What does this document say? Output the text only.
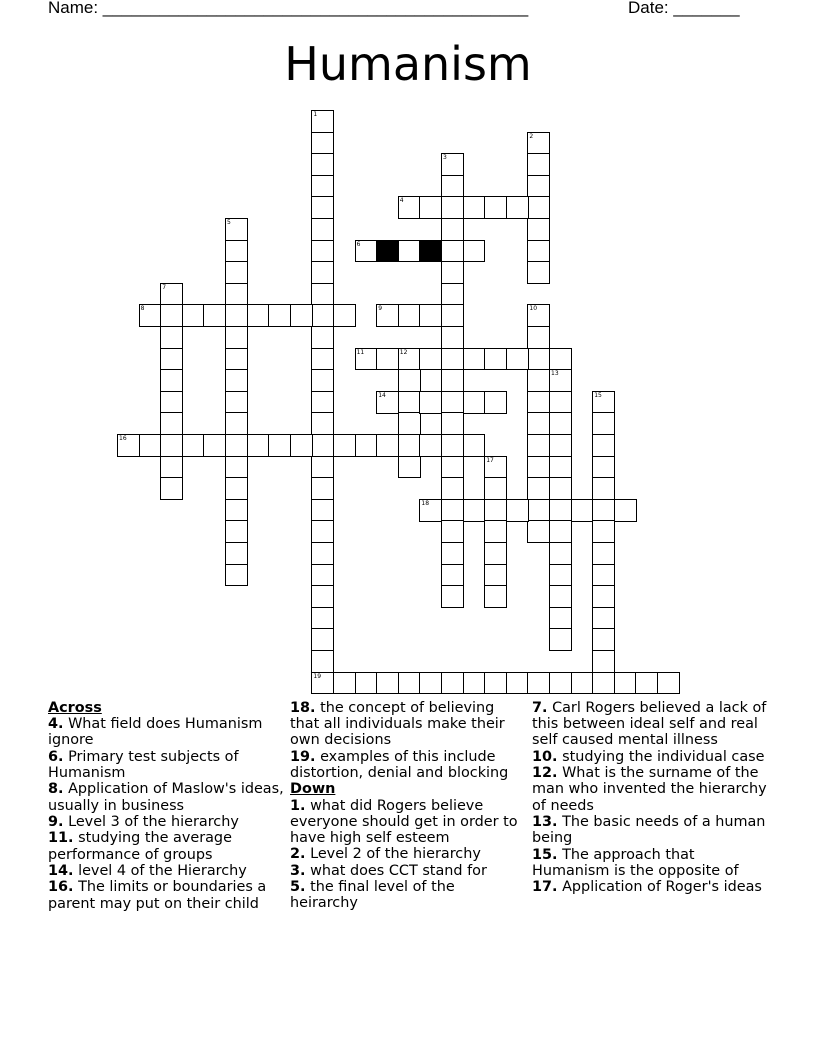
Name: _____________________________________________	Date: _______
Humanism
1
19
2
3
4
5
6
7
8	9	10
11	12
13
14	15
16
17
18
Across
4. What field does Humanism ignore
6. Primary test subjects of Humanism
8. Application of Maslow's ideas, usually in business
9. Level 3 of the hierarchy
11. studying the average performance of groups
14. level 4 of the Hierarchy
16. The limits or boundaries a parent may put on their child
18. the concept of believing that all individuals make their own decisions
19. examples of this include distortion, denial and blocking
Down
1. what did Rogers believe everyone should get in order to have high self esteem
2. Level 2 of the hierarchy
3. what does CCT stand for
5. the final level of the heirarchy
7. Carl Rogers believed a lack of this between ideal self and real self caused mental illness
10. studying the individual case
12. What is the surname of the man who invented the hierarchy of needs
13. The basic needs of a human being
15. The approach that Humanism is the opposite of
17. Application of Roger's ideas
